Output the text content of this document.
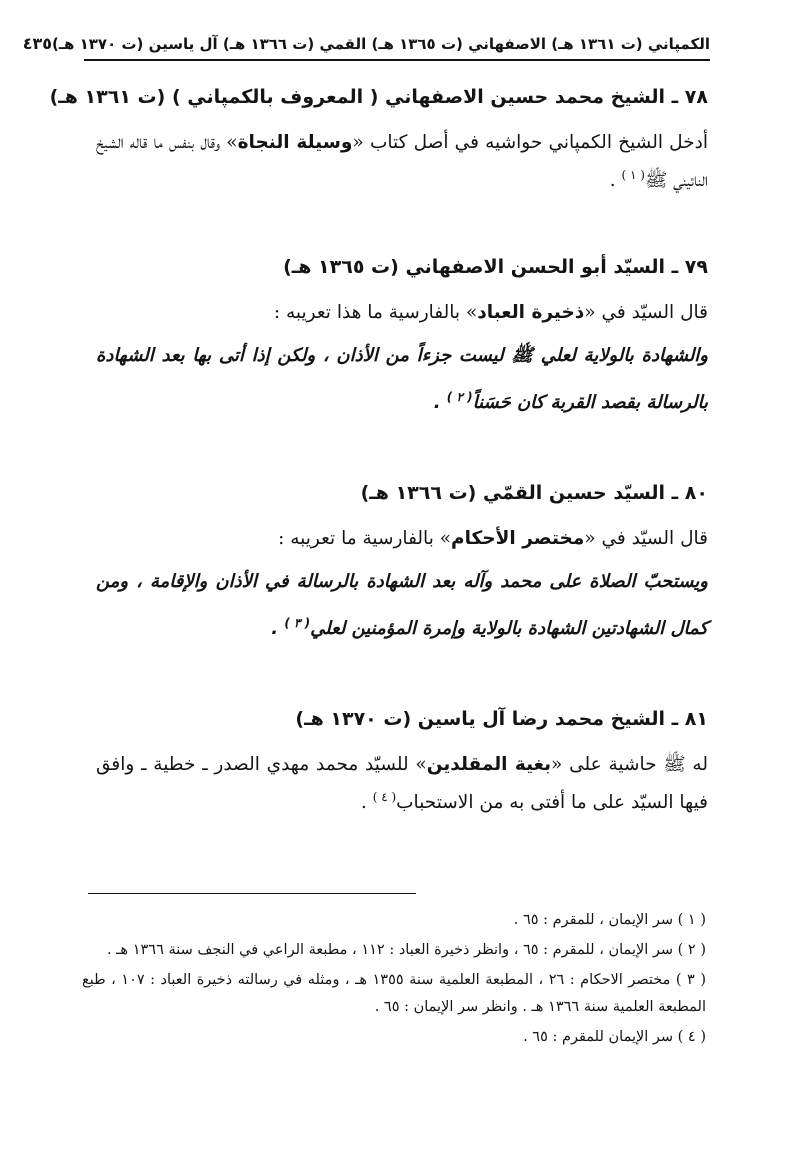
الكمپاني (ت ١٣٦١ هـ) الاصفهاني (ت ١٣٦٥ هـ) القمي (ت ١٣٦٦ هـ) آل ياسين (ت ١٣٧٠ هـ)
٤٣٥
٧٨ ـ الشيخ محمد حسين الاصفهاني ( المعروف بالكمپاني ) (ت ١٣٦١ هـ)

أدخل الشيخ الكمپاني حواشيه في أصل كتاب «وسيلة النجاة» وقال بنفس ما قاله الشيخ النائيني ﷺ$^{( ١ )}$ .

٧٩ ـ السيّد أبو الحسن الاصفهاني (ت ١٣٦٥ هـ)

قال السيّد في «ذخيرة العباد» بالفارسية ما هذا تعريبه :

والشهادة بالولاية لعلي ﷺ ليست جزءاً من الأذان ، ولكن إذا أتى بها بعد الشهادة بالرسالة بقصد القربة كان حَسَناً$^{( ٢ )}$ .

٨٠ ـ السيّد حسين القمّي (ت ١٣٦٦ هـ)

قال السيّد في «مختصر الأحكام» بالفارسية ما تعريبه :

ويستحبّ الصلاة على محمد وآله بعد الشهادة بالرسالة في الأذان والإقامة ، ومن كمال الشهادتين الشهادة بالولاية وإمرة المؤمنين لعلي$^{( ٣ )}$ .

٨١ ـ الشيخ محمد رضا آل ياسين (ت ١٣٧٠ هـ)

له ﷺ حاشية على «بغية المقلدين» للسيّد محمد مهدي الصدر ـ خطية ـ وافق فيها السيّد على ما أفتى به من الاستحباب$^{( ٤ )}$ .

( ١ ) سر الإيمان ، للمقرم : ٦٥ .

( ٢ ) سر الإيمان ، للمقرم : ٦٥ ، وانظر ذخيرة العباد : ١١٢ ، مطبعة الراعي في النجف سنة ١٣٦٦ هـ .

( ٣ ) مختصر الاحكام : ٢٦ ، المطبعة العلمية سنة ١٣٥٥ هـ ، ومثله في رسالته ذخيرة العباد : ١٠٧ ، طبع المطبعة العلمية سنة ١٣٦٦ هـ . وانظر سر الإيمان : ٦٥ .

( ٤ ) سر الإيمان للمقرم : ٦٥ .
